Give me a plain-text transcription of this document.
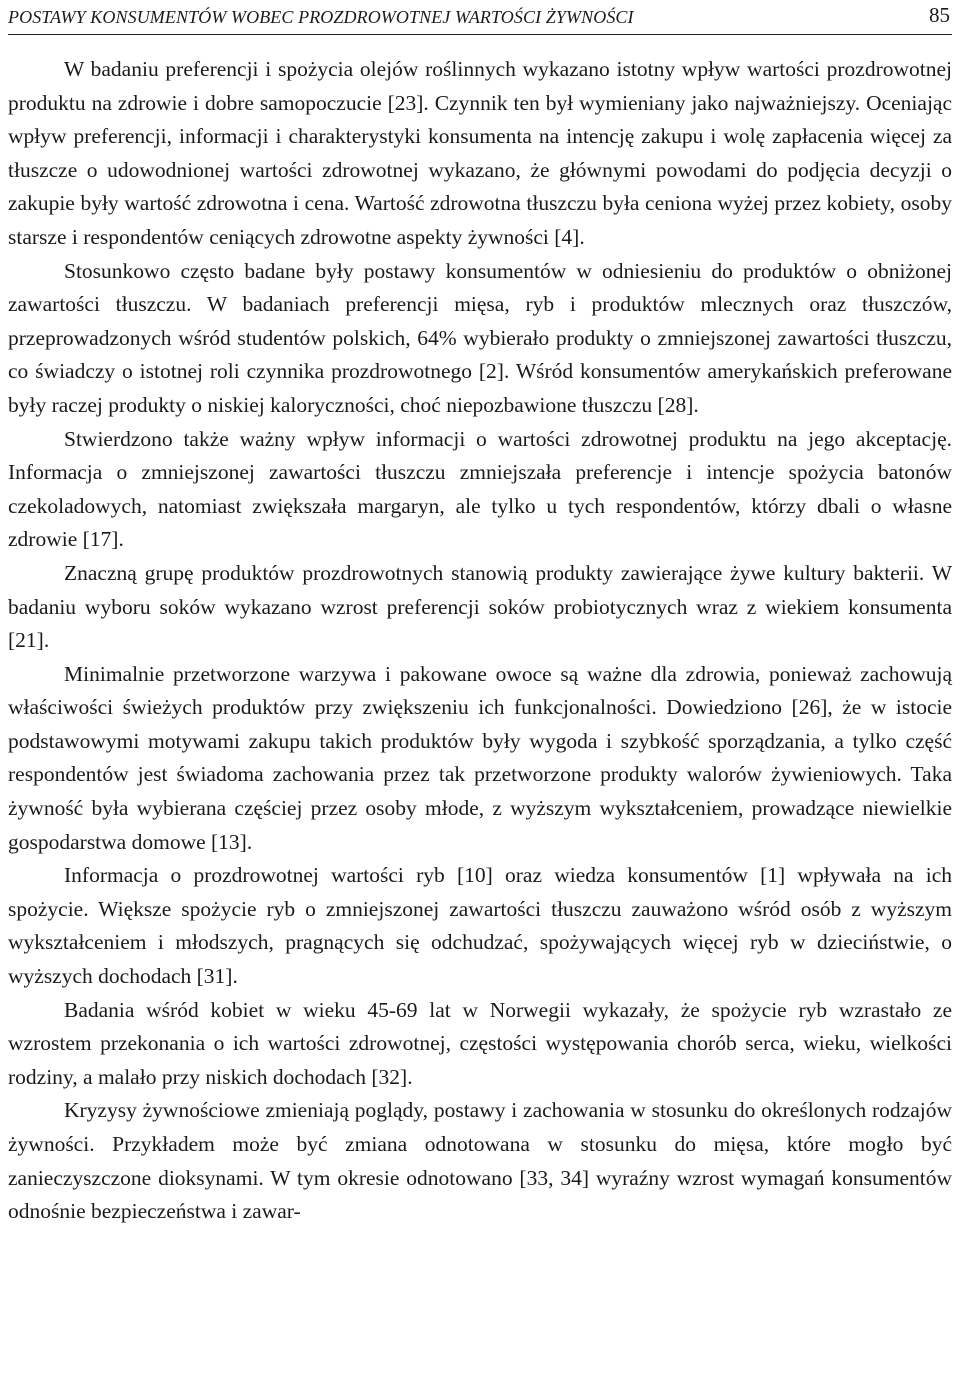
POSTAWY KONSUMENTÓW WOBEC PROZDROWOTNEJ WARTOŚCI ŻYWNOŚCI	85

W badaniu preferencji i spożycia olejów roślinnych wykazano istotny wpływ wartości prozdrowotnej produktu na zdrowie i dobre samopoczucie [23]. Czynnik ten był wymieniany jako najważniejszy. Oceniając wpływ preferencji, informacji i charakterystyki konsumenta na intencję zakupu i wolę zapłacenia więcej za tłuszcze o udowodnionej wartości zdrowotnej wykazano, że głównymi powodami do podjęcia decyzji o zakupie były wartość zdrowotna i cena. Wartość zdrowotna tłuszczu była ceniona wyżej przez kobiety, osoby starsze i respondentów ceniących zdrowotne aspekty żywności [4].

Stosunkowo często badane były postawy konsumentów w odniesieniu do produktów o obniżonej zawartości tłuszczu. W badaniach preferencji mięsa, ryb i produktów mlecznych oraz tłuszczów, przeprowadzonych wśród studentów polskich, 64% wybierało produkty o zmniejszonej zawartości tłuszczu, co świadczy o istotnej roli czynnika prozdrowotnego [2]. Wśród konsumentów amerykańskich preferowane były raczej produkty o niskiej kaloryczności, choć niepozbawione tłuszczu [28].

Stwierdzono także ważny wpływ informacji o wartości zdrowotnej produktu na jego akceptację. Informacja o zmniejszonej zawartości tłuszczu zmniejszała preferencje i intencje spożycia batonów czekoladowych, natomiast zwiększała margaryn, ale tylko u tych respondentów, którzy dbali o własne zdrowie [17].

Znaczną grupę produktów prozdrowotnych stanowią produkty zawierające żywe kultury bakterii. W badaniu wyboru soków wykazano wzrost preferencji soków probiotycznych wraz z wiekiem konsumenta [21].

Minimalnie przetworzone warzywa i pakowane owoce są ważne dla zdrowia, ponieważ zachowują właściwości świeżych produktów przy zwiększeniu ich funkcjonalności. Dowiedziono [26], że w istocie podstawowymi motywami zakupu takich produktów były wygoda i szybkość sporządzania, a tylko część respondentów jest świadoma zachowania przez tak przetworzone produkty walorów żywieniowych. Taka żywność była wybierana częściej przez osoby młode, z wyższym wykształceniem, prowadzące niewielkie gospodarstwa domowe [13].

Informacja o prozdrowotnej wartości ryb [10] oraz wiedza konsumentów [1] wpływała na ich spożycie. Większe spożycie ryb o zmniejszonej zawartości tłuszczu zauważono wśród osób z wyższym wykształceniem i młodszych, pragnących się odchudzać, spożywających więcej ryb w dzieciństwie, o wyższych dochodach [31].

Badania wśród kobiet w wieku 45-69 lat w Norwegii wykazały, że spożycie ryb wzrastało ze wzrostem przekonania o ich wartości zdrowotnej, częstości występowania chorób serca, wieku, wielkości rodziny, a malało przy niskich dochodach [32].

Kryzysy żywnościowe zmieniają poglądy, postawy i zachowania w stosunku do określonych rodzajów żywności. Przykładem może być zmiana odnotowana w stosunku do mięsa, które mogło być zanieczyszczone dioksynami. W tym okresie odnotowano [33, 34] wyraźny wzrost wymagań konsumentów odnośnie bezpieczeństwa i zawar-
